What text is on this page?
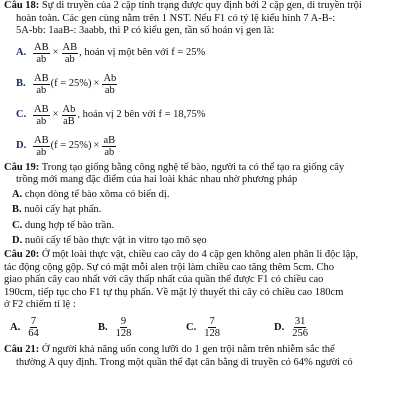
Câu 18: Sự di truyền của 2 cặp tính trạng được quy định bởi 2 cặp gen, di truyền trội
hoàn toàn. Các gen cùng nằm trên 1 NST. Nếu F1 có tỷ lệ kiểu hình 7 A-B-:
5A-bb: 1aaB-: 3aabb, thì P có kiểu gen, tần số hoán vị gen là:
A. $\frac{AB}{ab} \times \frac{AB}{ab}$ , hoán vị một bên với f = 25%
B. $\frac{AB}{ab} (f = 25\%) \times \frac{Ab}{ab}$
C. $\frac{AB}{ab} \times \frac{Ab}{aB}$ , hoán vị 2 bên với f = 18,75%
D. $\frac{AB}{ab} (f = 25\%) \times \frac{aB}{ab}$
Câu 19: Trong tạo giống bằng công nghệ tế bào, người ta có thể tạo ra giống cây
trồng mới mang đặc điểm của hai loài khác nhau nhờ phương pháp
A. chọn dòng tế bào xôma có biến dị.
B. nuôi cấy hạt phấn.
C. dung hợp tế bào trần.
D. nuôi cấy tế bào thực vật in vitro tạo mô sẹo
Câu 20: Ở một loài thực vật, chiều cao cây do 4 cặp gen không alen phân li độc lập,
tác động cộng gộp. Sự có mặt mỗi alen trội làm chiều cao tăng thêm 5cm. Cho
giao phấn cây cao nhất với cây thấp nhất của quần thể được F1 có chiều cao
190cm, tiếp tục cho F1 tự thụ phấn. Về mặt lý thuyết thì cây có chiều cao 180cm
ở F2 chiếm tỉ lệ :
A. $\frac{7}{64}$	B. $\frac{9}{128}$	C. $\frac{7}{128}$	D. $\frac{31}{256}$
Câu 21: Ở người khả năng uốn cong lưỡi do 1 gen trội nằm trên nhiễm sắc thể
thường A quy định. Trong một quần thể đạt cân bằng di truyền có 64% người có
